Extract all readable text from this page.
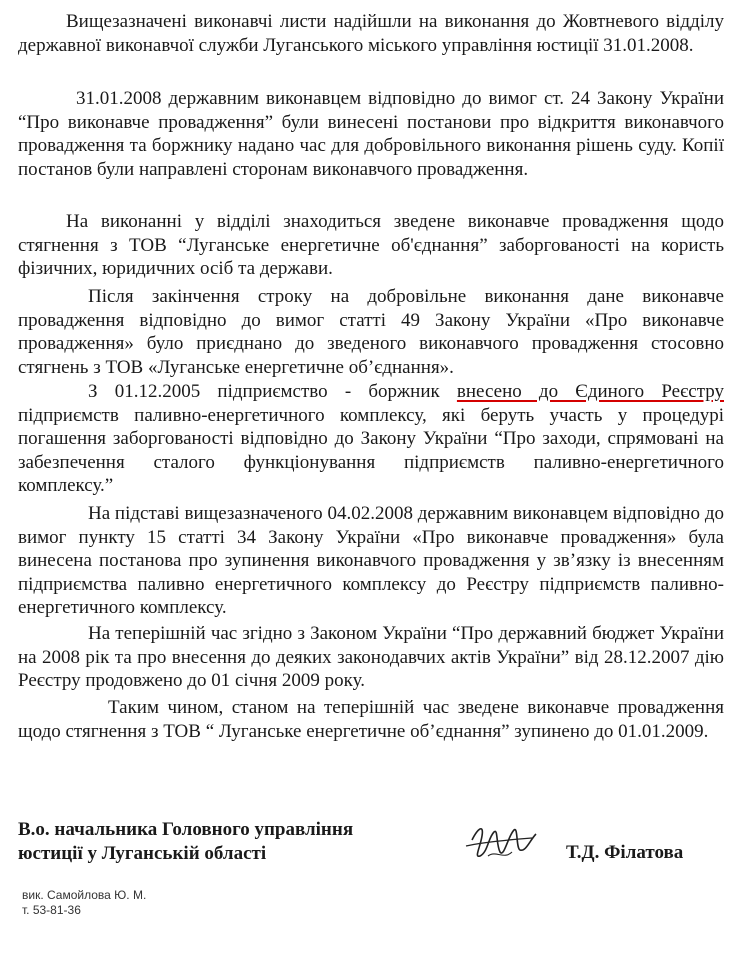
Вищезазначені виконавчі листи надійшли на виконання до Жовтневого відділу державної виконавчої служби Луганського міського управління юстиції 31.01.2008.

31.01.2008 державним виконавцем відповідно до вимог ст. 24 Закону України “Про виконавче провадження” були винесені постанови про відкриття виконавчого провадження та боржнику надано час для добровільного виконання рішень суду. Копії постанов були направлені сторонам виконавчого провадження.

На виконанні у відділі знаходиться зведене виконавче провадження щодо стягнення з ТОВ “Луганське енергетичне об'єднання” заборгованості на користь фізичних, юридичних осіб та держави.

Після закінчення строку на добровільне виконання дане виконавче провадження відповідно до вимог статті 49 Закону України «Про виконавче провадження» було приєднано до зведеного виконавчого провадження стосовно стягнень з ТОВ «Луганське енергетичне об’єднання».

З 01.12.2005 підприємство - боржник внесено до Єдиного Реєстру підприємств паливно-енергетичного комплексу, які беруть участь у процедурі погашення заборгованості відповідно до Закону України “Про заходи, спрямовані на забезпечення сталого функціонування підприємств паливно-енергетичного комплексу.”

На підставі вищезазначеного 04.02.2008 державним виконавцем відповідно до вимог пункту 15 статті 34 Закону України «Про виконавче провадження» була винесена постанова про зупинення виконавчого провадження у зв’язку із внесенням підприємства паливно енергетичного комплексу до Реєстру підприємств паливно-енергетичного комплексу.

На теперішній час згідно з Законом України “Про державний бюджет України на 2008 рік та про внесення до деяких законодавчих актів України” від 28.12.2007 дію Реєстру продовжено до 01 січня 2009 року.

Таким чином, станом на теперішній час зведене виконавче провадження щодо стягнення з ТОВ “ Луганське енергетичне об’єднання” зупинено до 01.01.2009.

В.о. начальника Головного управління
юстиції у Луганській області	Т.Д. Філатова
вик. Самойлова Ю. М.
т. 53-81-36
